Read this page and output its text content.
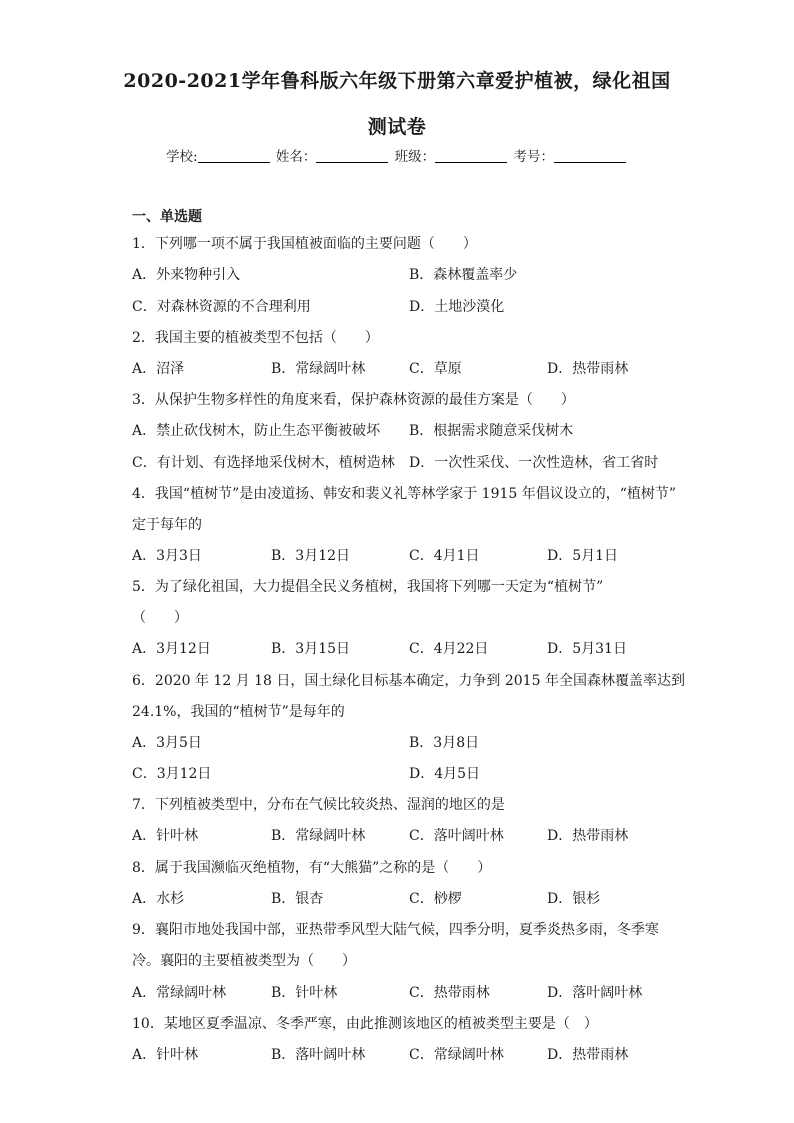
2020-2021学年鲁科版六年级下册第六章爱护植被，绿化祖国
测试卷
学校:	姓名：	班级：	考号：
一、单选题
1．下列哪一项不属于我国植被面临的主要问题（　　）
A．外来物种引入	B．森林覆盖率少
C．对森林资源的不合理利用	D．土地沙漠化
2．我国主要的植被类型不包括（　　）
A．沼泽	B．常绿阔叶林	C．草原	D．热带雨林
3．从保护生物多样性的角度来看，保护森林资源的最佳方案是（　　）
A．禁止砍伐树木，防止生态平衡被破坏 B．根据需求随意采伐树木
C．有计划、有选择地采伐树木，植树造林 D．一次性采伐、一次性造林，省工省时
4．我国“植树节”是由凌道扬、韩安和裴义礼等林学家于 1915 年倡议设立的，“植树节”
定于每年的
A．3月3日	B．3月12日	C．4月1日	D．5月1日
5．为了绿化祖国，大力提倡全民义务植树，我国将下列哪一天定为“植树节”
（　　）
A．3月12日	B．3月15日	C．4月22日	D．5月31日
6．2020 年 12 月 18 日，国土绿化目标基本确定，力争到 2015 年全国森林覆盖率达到
24.1%，我国的“植树节”是每年的
A．3月5日	B．3月8日
C．3月12日	D．4月5日
7．下列植被类型中，分布在气候比较炎热、湿润的地区的是
A．针叶林	B．常绿阔叶林	C．落叶阔叶林	D．热带雨林
8．属于我国濒临灭绝植物，有“大熊猫”之称的是（　　）
A．水杉	B．银杏	C．桫椤	D．银杉
9．襄阳市地处我国中部，亚热带季风型大陆气候，四季分明，夏季炎热多雨，冬季寒
冷。襄阳的主要植被类型为（　　）
A．常绿阔叶林	B．针叶林	C．热带雨林	D．落叶阔叶林
10．某地区夏季温凉、冬季严寒，由此推测该地区的植被类型主要是（　）
A．针叶林	B．落叶阔叶林	C．常绿阔叶林	D．热带雨林
